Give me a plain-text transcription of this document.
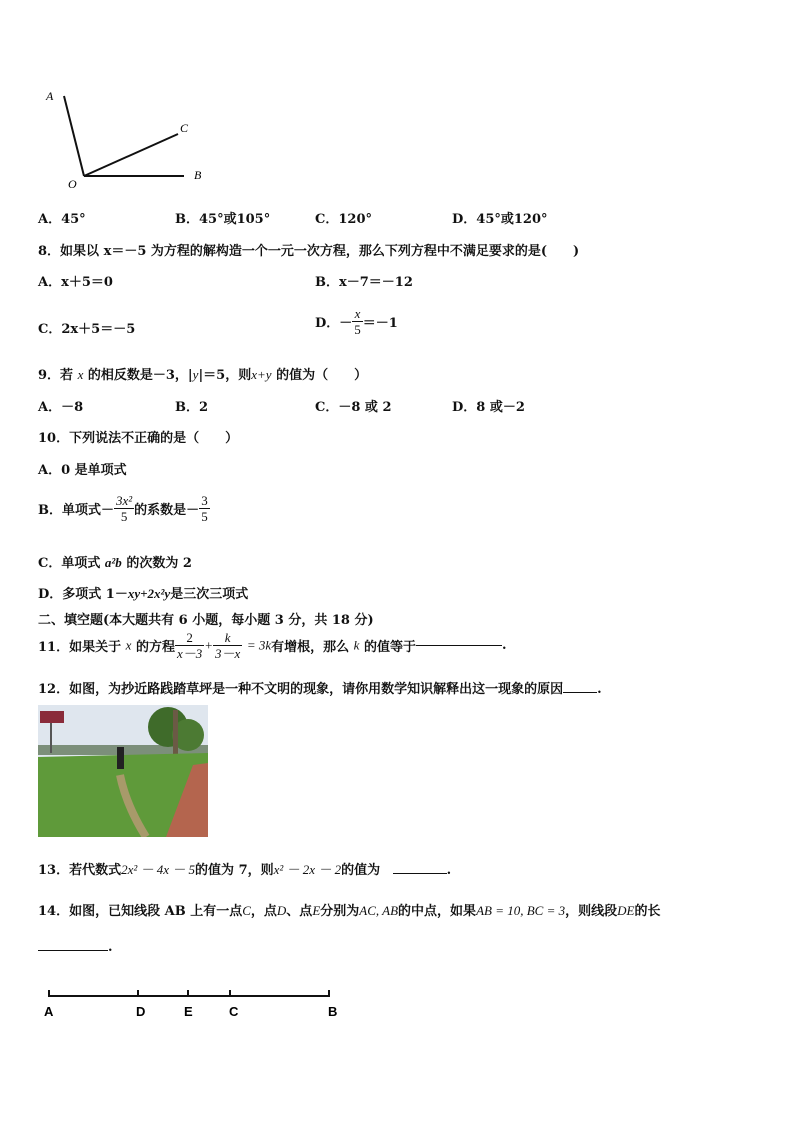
A
C
O
B
A．45°	B．45°或105°	C．120°	D．45°或120°
8．如果以 x＝－5 为方程的解构造一个一元一次方程，那么下列方程中不满足要求的是(　　)
A．x＋5＝0	B．x－7＝－12
C．2x＋5＝－5	D．－ $\frac{x}{5} =-1$
9．若 x 的相反数是－3，|y|＝5，则x+y 的值为（　　）
A．－8	B．2	C．－8 或 2	D．8 或－2
10．下列说法不正确的是（　　）
A．0 是单项式
B．单项式－ $\frac{\text{3x²}}{5}$ 的系数是－ $\frac{3}{5}$
C．单项式 a²b 的次数为 2
D．多项式 1－xy+2x²y是三次三项式
二、填空题(本大题共有 6 小题，每小题 3 分，共 18 分)
11．如果关于 x 的方程 $\frac{2}{x-3} + \frac{k}{3-x} = 3k$有增根，那么 k 的值等于	.
12．如图，为抄近路践踏草坪是一种不文明的现象，请你用数学知识解释出这一现象的原因	.
13．若代数式2x² － 4x － 5的值为 7，则x² － 2x － 2的值为	.
14．如图，已知线段 AB 上有一点C，点D、点E分别为AC, AB的中点，如果AB = 10, BC = 3，则线段DE的长
.
A	D	E	C	B
